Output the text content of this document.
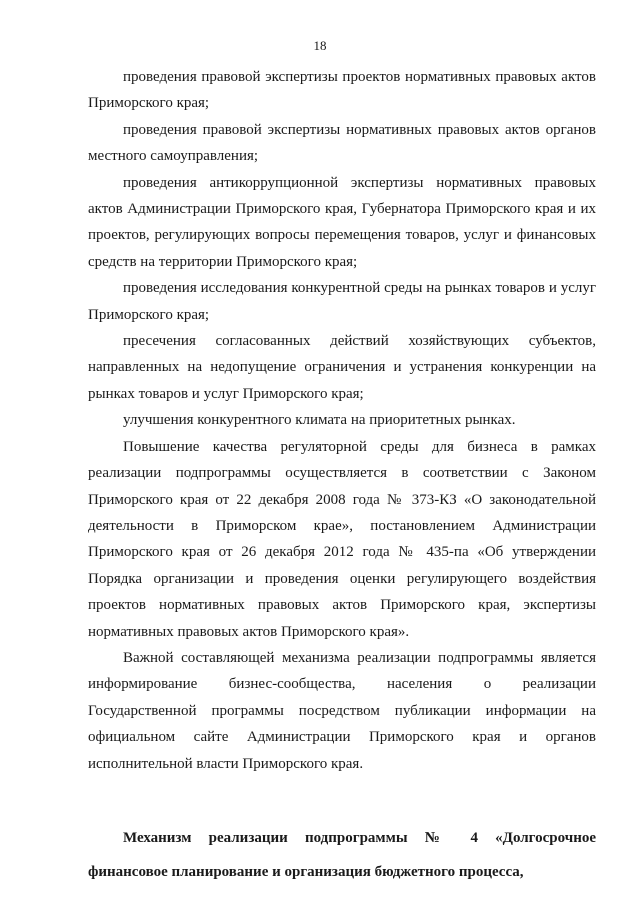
18

проведения правовой экспертизы проектов нормативных правовых актов Приморского края;

проведения правовой экспертизы нормативных правовых актов органов местного самоуправления;

проведения антикоррупционной экспертизы нормативных правовых актов Администрации Приморского края, Губернатора Приморского края и их проектов, регулирующих вопросы перемещения товаров, услуг и финансовых средств на территории Приморского края;

проведения исследования конкурентной среды на рынках товаров и услуг Приморского края;

пресечения согласованных действий хозяйствующих субъектов, направленных на недопущение ограничения и устранения конкуренции на рынках товаров и услуг Приморского края;

улучшения конкурентного климата на приоритетных рынках.

Повышение качества регуляторной среды для бизнеса в рамках реализации подпрограммы осуществляется в соответствии с Законом Приморского края от 22 декабря 2008 года № 373-КЗ «О законодательной деятельности в Приморском крае», постановлением Администрации Приморского края от 26 декабря 2012 года № 435-па «Об утверждении Порядка организации и проведения оценки регулирующего воздействия проектов нормативных правовых актов Приморского края, экспертизы нормативных правовых актов Приморского края».

Важной составляющей механизма реализации подпрограммы является информирование бизнес-сообщества, населения о реализации Государственной программы посредством публикации информации на официальном сайте Администрации Приморского края и органов исполнительной власти Приморского края.

Механизм реализации подпрограммы № 4 «Долгосрочное финансовое планирование и организация бюджетного процесса,
